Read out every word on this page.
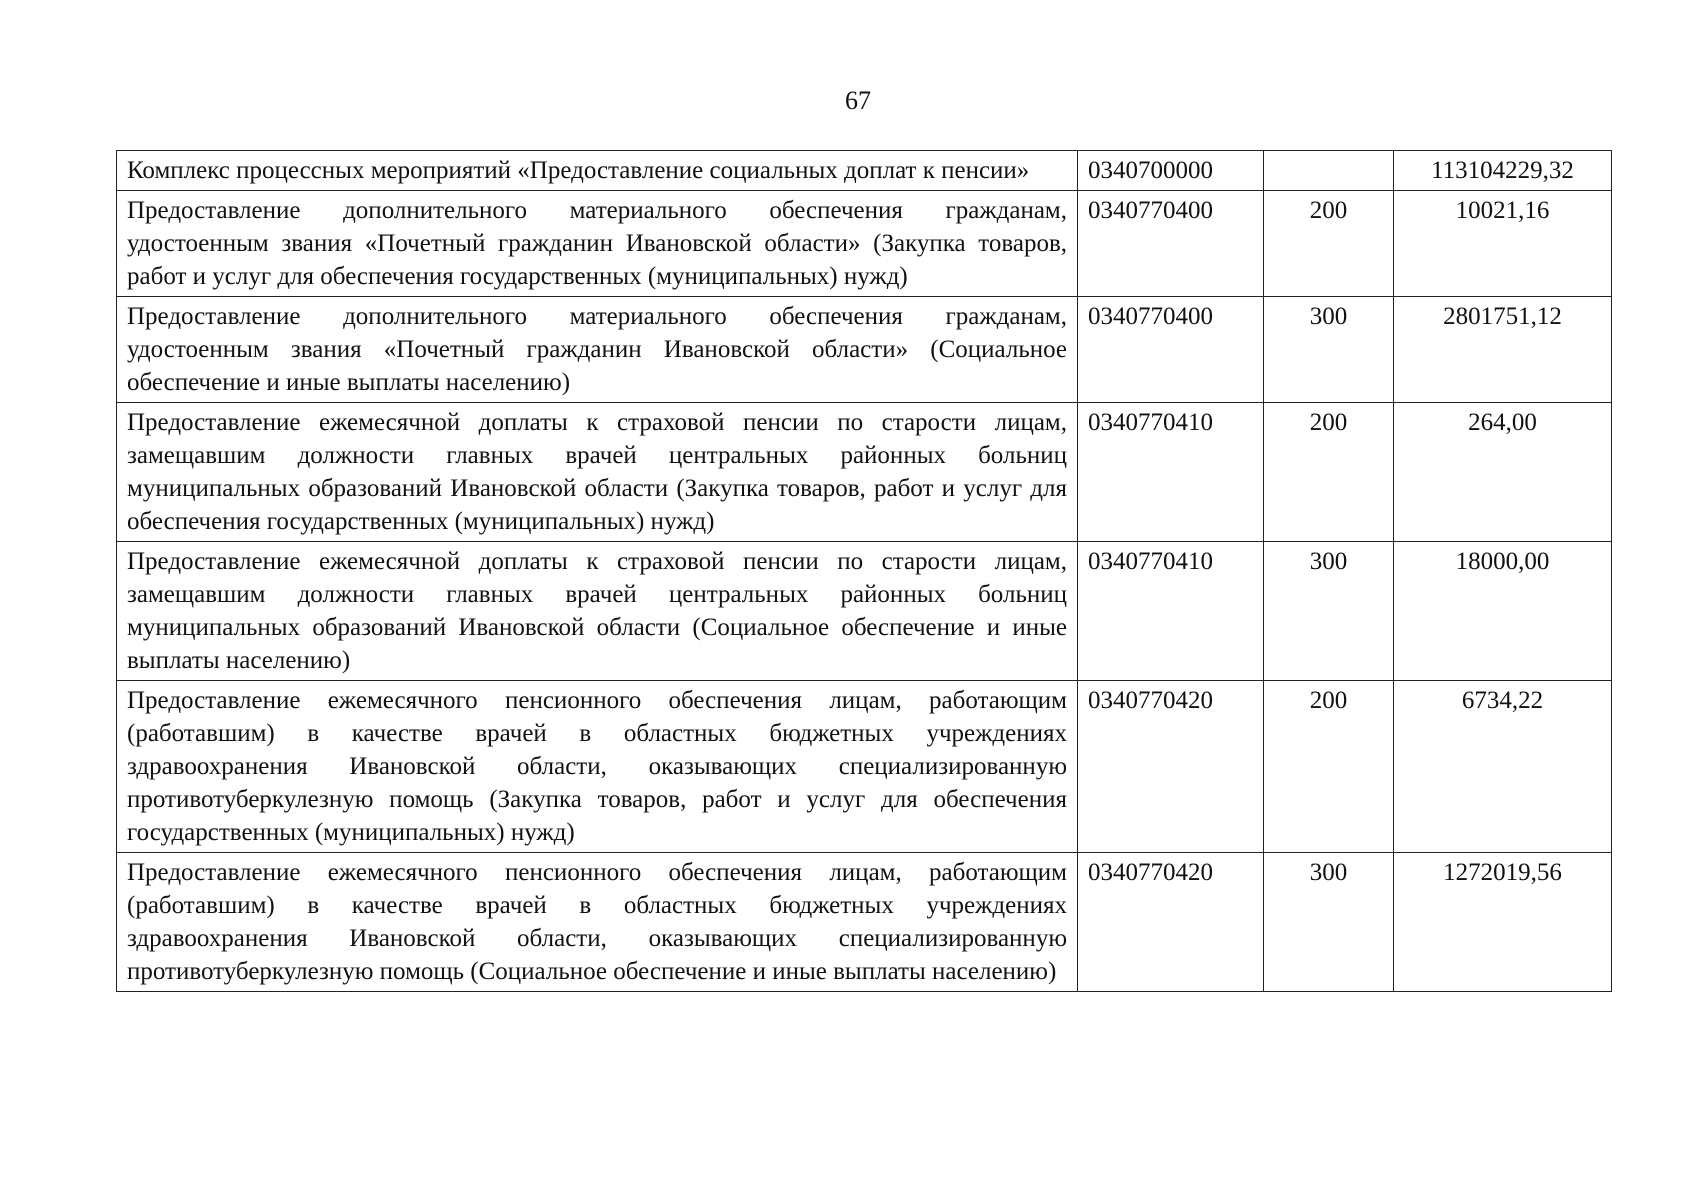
67
Комплекс процессных мероприятий «Предоставление социальных доплат к пенсии»	0340700000		113104229,32
Предоставление дополнительного материального обеспечения гражданам, удостоенным звания «Почетный гражданин Ивановской области» (Закупка товаров, работ и услуг для обеспечения государственных (муниципальных) нужд)	0340770400	200	10021,16
Предоставление дополнительного материального обеспечения гражданам, удостоенным звания «Почетный гражданин Ивановской области» (Социальное обеспечение и иные выплаты населению)	0340770400	300	2801751,12
Предоставление ежемесячной доплаты к страховой пенсии по старости лицам, замещавшим должности главных врачей центральных районных больниц муниципальных образований Ивановской области (Закупка товаров, работ и услуг для обеспечения государственных (муниципальных) нужд)	0340770410	200	264,00
Предоставление ежемесячной доплаты к страховой пенсии по старости лицам, замещавшим должности главных врачей центральных районных больниц муниципальных образований Ивановской области (Социальное обеспечение и иные выплаты населению)	0340770410	300	18000,00
Предоставление ежемесячного пенсионного обеспечения лицам, работающим (работавшим) в качестве врачей в областных бюджетных учреждениях здравоохранения Ивановской области, оказывающих специализированную противотуберкулезную помощь (Закупка товаров, работ и услуг для обеспечения государственных (муниципальных) нужд)	0340770420	200	6734,22
Предоставление ежемесячного пенсионного обеспечения лицам, работающим (работавшим) в качестве врачей в областных бюджетных учреждениях здравоохранения Ивановской области, оказывающих специализированную противотуберкулезную помощь (Социальное обеспечение и иные выплаты населению)	0340770420	300	1272019,56
